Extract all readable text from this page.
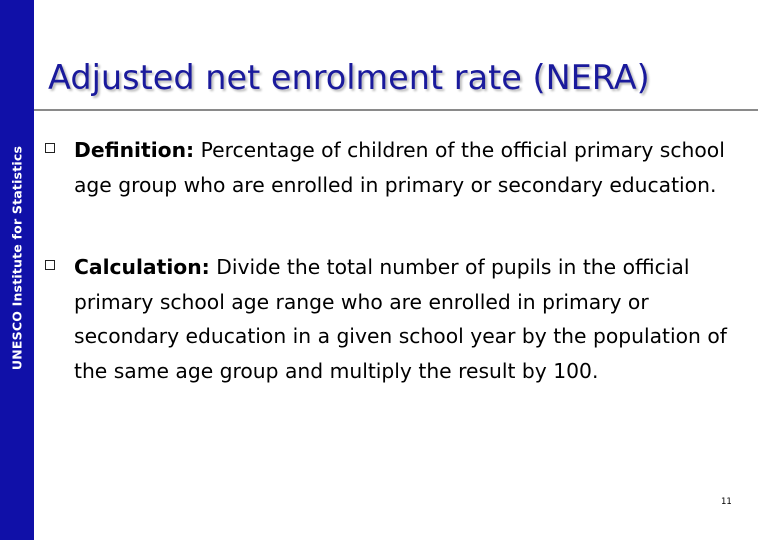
UNESCO Institute for Statistics
Adjusted net enrolment rate (NERA)
Definition: Percentage of children of the official primary school age group who are enrolled in primary or secondary education.
Calculation: Divide the total number of pupils in the official primary school age range who are enrolled in primary or secondary education in a given school year by the population of the same age group and multiply the result by 100.
11
